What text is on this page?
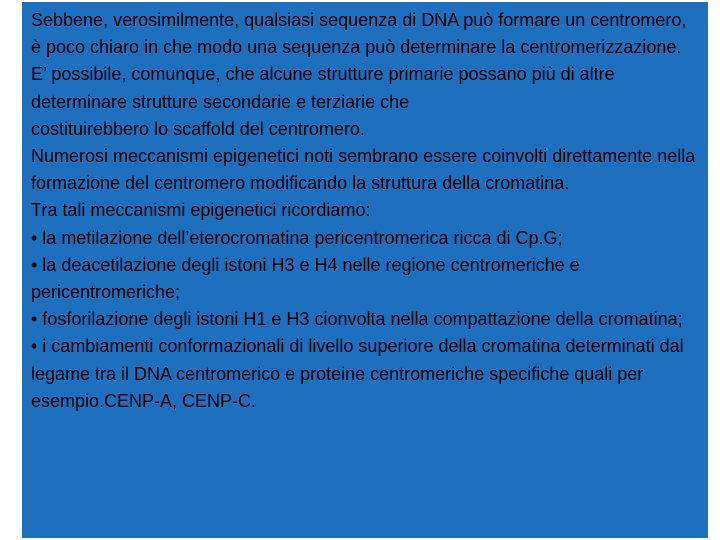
Sebbene, verosimilmente, qualsiasi sequenza di DNA può formare un centromero, è poco chiaro in che modo una sequenza può determinare la centromerizzazione. E’ possibile, comunque, che alcune strutture primarie possano più di altre determinare strutture secondarie e terziarie che

costituirebbero lo scaffold del centromero.

Numerosi meccanismi epigenetici noti sembrano essere coinvolti direttamente nella formazione del centromero modificando la struttura della cromatina.

Tra tali meccanismi epigenetici ricordiamo:

• la metilazione dell’eterocromatina pericentromerica ricca di Cp.G;

• la deacetilazione degli istoni H3 e H4 nelle regione centromeriche e pericentromeriche;

• fosforilazione degli istoni H1 e H3 cionvolta nella compattazione della cromatina;

• i cambiamenti conformazionali di livello superiore della cromatina determinati dal legame tra il DNA centromerico e proteine centromeriche specifiche quali per esempio.CENP-A, CENP-C.
